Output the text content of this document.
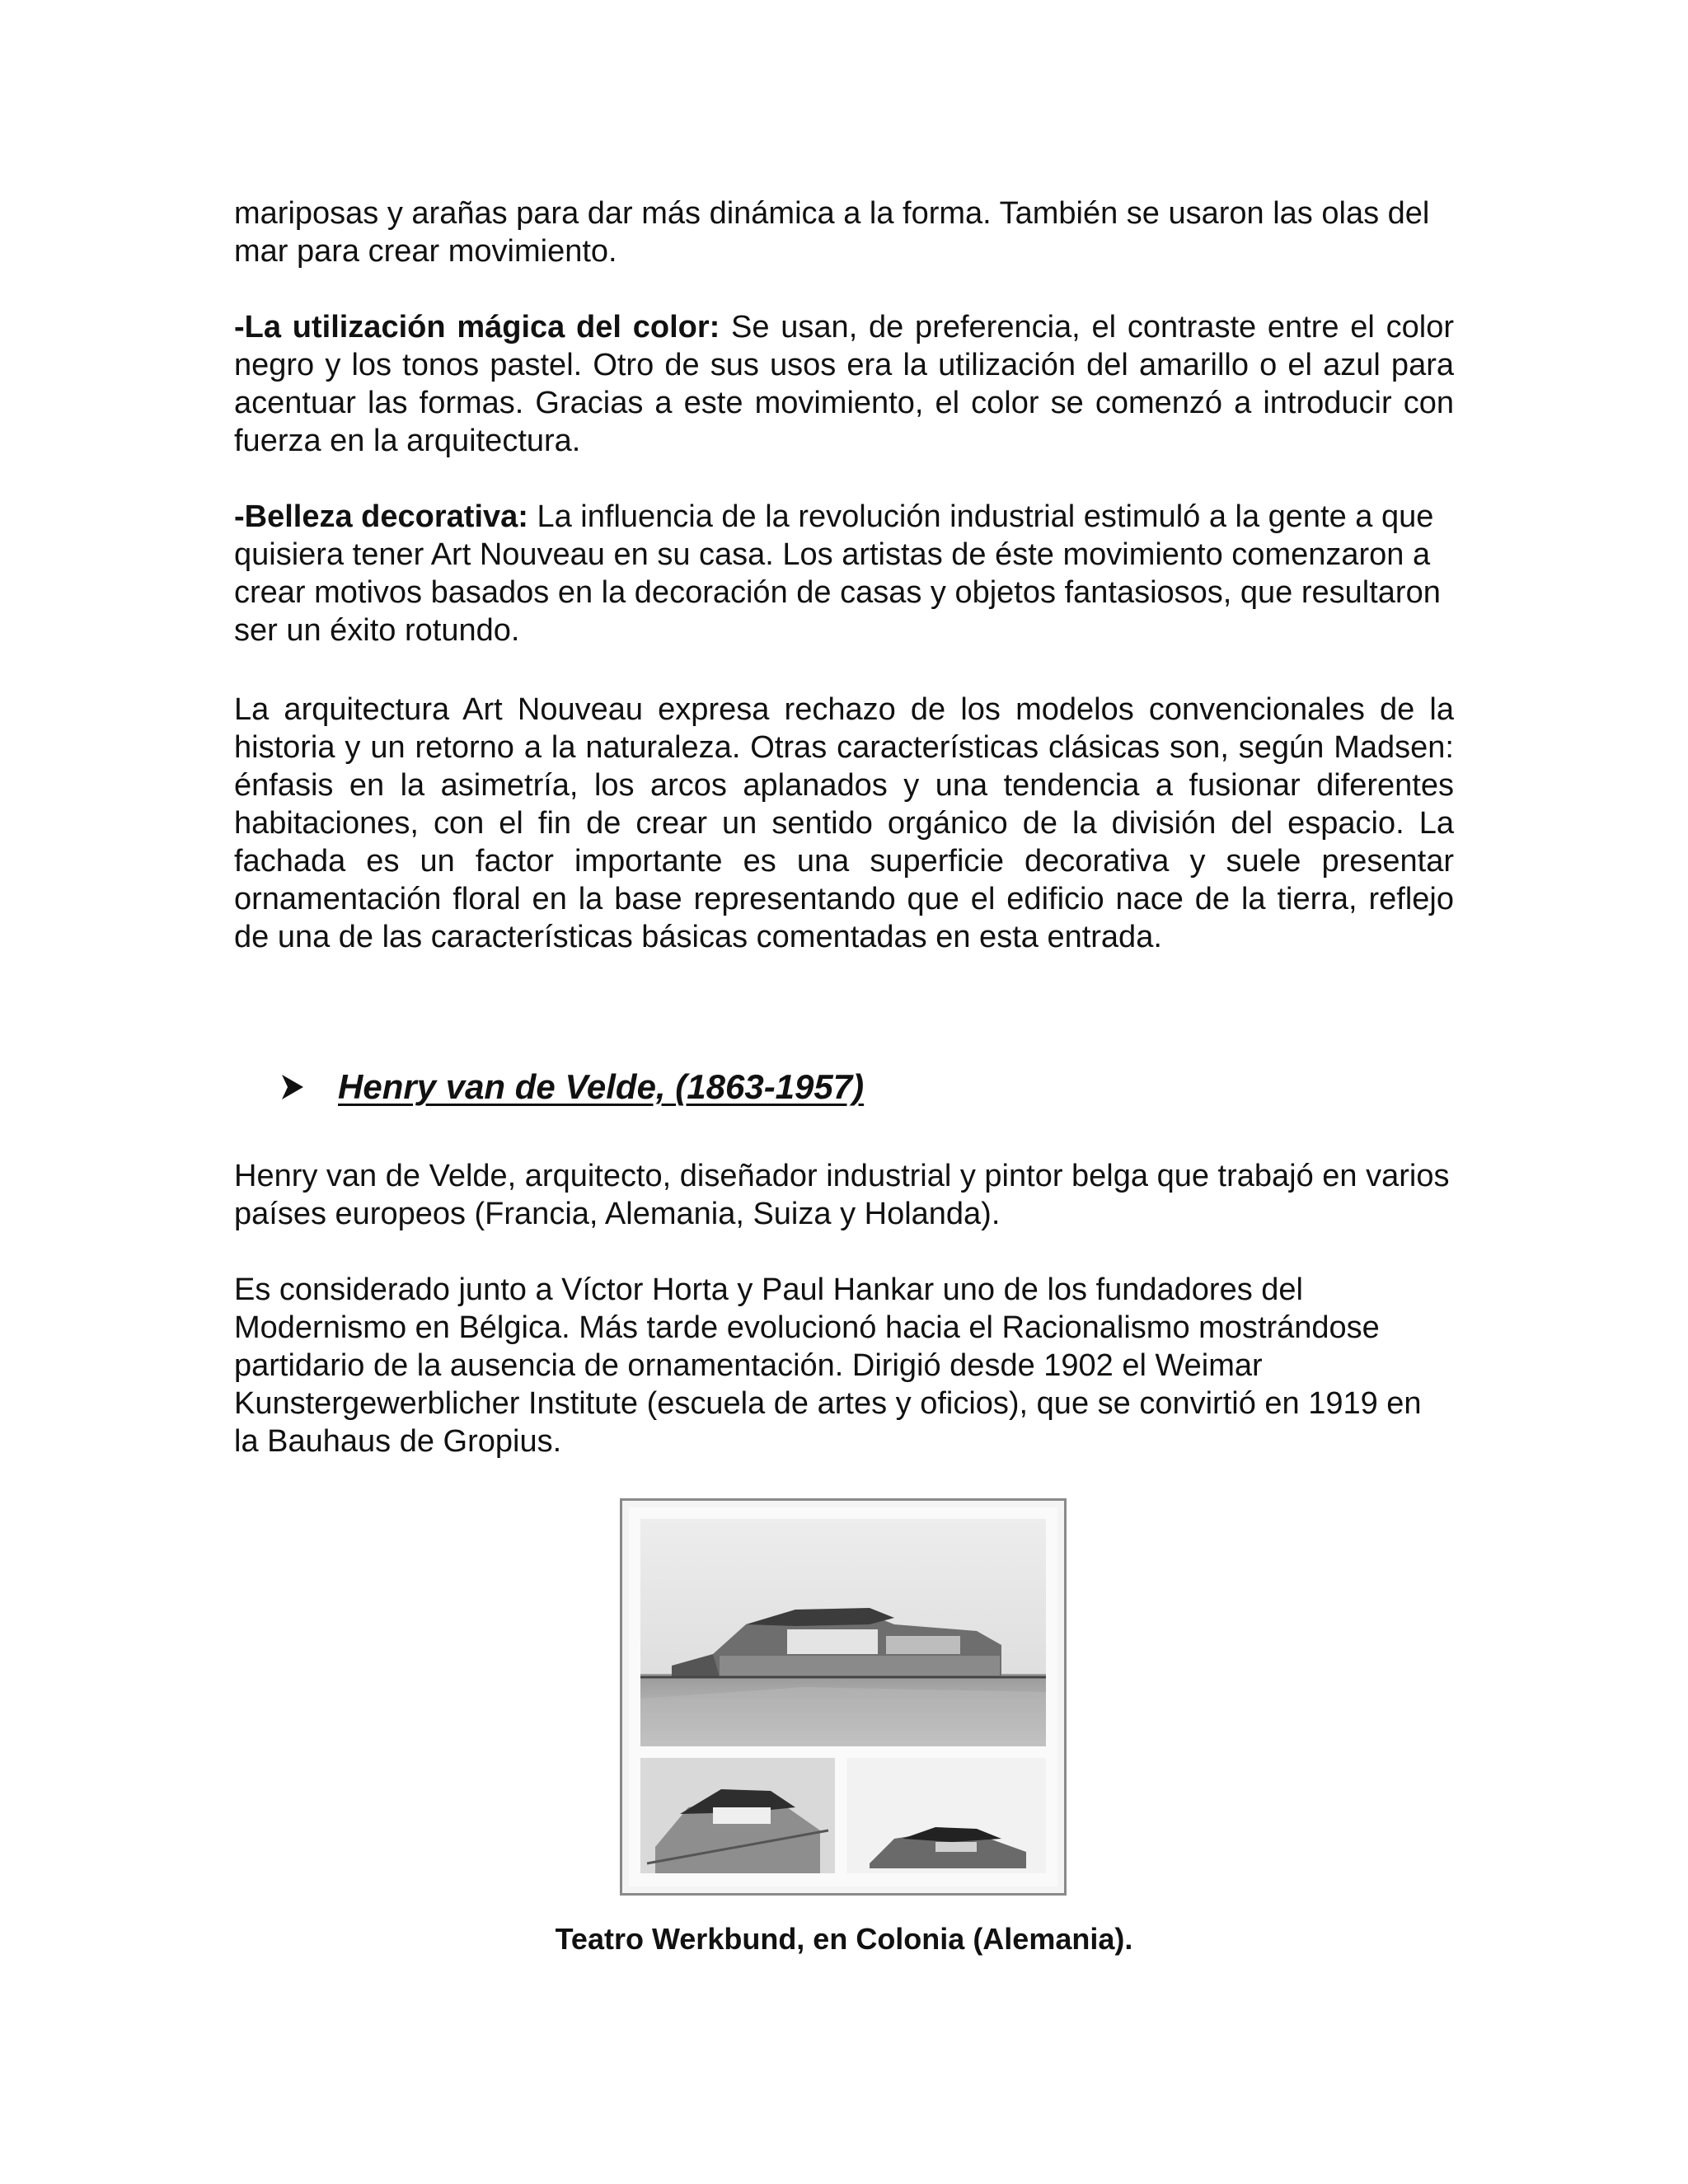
mariposas y arañas para dar más dinámica a la forma. También se usaron las olas del mar para crear movimiento.

-La utilización mágica del color: Se usan, de preferencia, el contraste entre el color negro y los tonos pastel. Otro de sus usos era la utilización del amarillo o el azul para acentuar las formas. Gracias a este movimiento, el color se comenzó a introducir con fuerza en la arquitectura.

-Belleza decorativa: La influencia de la revolución industrial estimuló a la gente a que quisiera tener Art Nouveau en su casa. Los artistas de éste movimiento comenzaron a crear motivos basados en la decoración de casas y objetos fantasiosos, que resultaron ser un éxito rotundo.

La arquitectura Art Nouveau expresa rechazo de los modelos convencionales de la historia y un retorno a la naturaleza. Otras características clásicas son, según Madsen: énfasis en la asimetría, los arcos aplanados y una tendencia a fusionar diferentes habitaciones, con el fin de crear un sentido orgánico de la división del espacio. La fachada es un factor importante es una superficie decorativa y suele presentar ornamentación floral en la base representando que el edificio nace de la tierra, reflejo de una de las características básicas comentadas en esta entrada.

Henry van de Velde, (1863-1957)

Henry van de Velde, arquitecto, diseñador industrial y pintor belga que trabajó en varios países europeos (Francia, Alemania, Suiza y Holanda).

Es considerado junto a Víctor Horta y Paul Hankar uno de los fundadores del Modernismo en Bélgica. Más tarde evolucionó hacia el Racionalismo mostrándose partidario de la ausencia de ornamentación. Dirigió desde 1902 el Weimar Kunstergewerblicher Institute (escuela de artes y oficios), que se convirtió en 1919 en la Bauhaus de Gropius.

Teatro Werkbund, en Colonia (Alemania).
